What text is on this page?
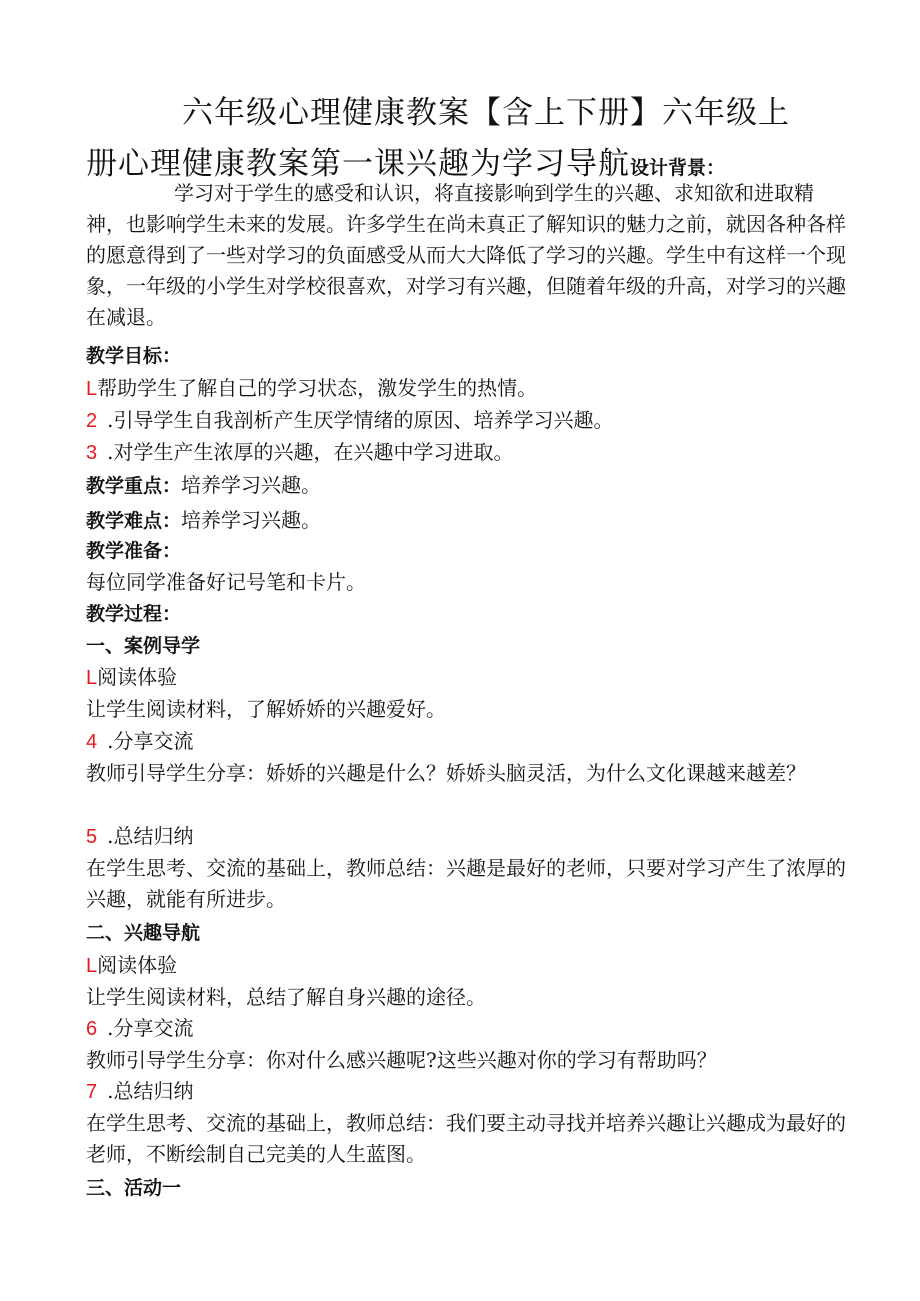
六年级心理健康教案【含上下册】六年级上
册心理健康教案第一课兴趣为学习导航设计背景：
学习对于学生的感受和认识，将直接影响到学生的兴趣、求知欲和进取精神，也影响学生未来的发展。许多学生在尚未真正了解知识的魅力之前，就因各种各样的愿意得到了一些对学习的负面感受从而大大降低了学习的兴趣。学生中有这样一个现象，一年级的小学生对学校很喜欢，对学习有兴趣，但随着年级的升高，对学习的兴趣在减退。
教学目标：
L帮助学生了解自己的学习状态，激发学生的热情。
2 .引导学生自我剖析产生厌学情绪的原因、培养学习兴趣。
3 .对学生产生浓厚的兴趣，在兴趣中学习进取。
教学重点：培养学习兴趣。
教学难点：培养学习兴趣。
教学准备：
每位同学准备好记号笔和卡片。
教学过程：
一、案例导学
L阅读体验
让学生阅读材料，了解娇娇的兴趣爱好。
4 .分享交流
教师引导学生分享：娇娇的兴趣是什么？娇娇头脑灵活，为什么文化课越来越差？
5 .总结归纳
在学生思考、交流的基础上，教师总结：兴趣是最好的老师，只要对学习产生了浓厚的兴趣，就能有所进步。
二、兴趣导航
L阅读体验
让学生阅读材料，总结了解自身兴趣的途径。
6 .分享交流
教师引导学生分享：你对什么感兴趣呢?这些兴趣对你的学习有帮助吗？
7 .总结归纳
在学生思考、交流的基础上，教师总结：我们要主动寻找并培养兴趣让兴趣成为最好的老师，不断绘制自己完美的人生蓝图。
三、活动一
